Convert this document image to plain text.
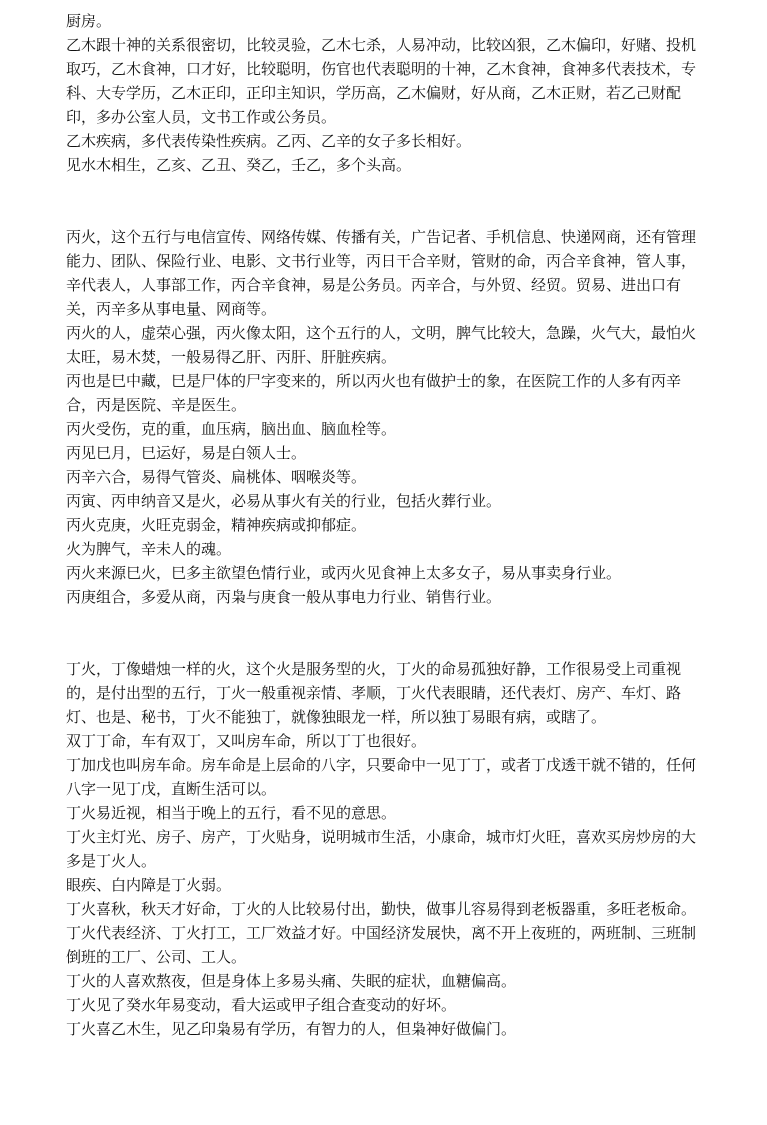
厨房。

乙木跟十神的关系很密切，比较灵验，乙木七杀，人易冲动，比较凶狠，乙木偏印，好赌、投机取巧，乙木食神，口才好，比较聪明，伤官也代表聪明的十神，乙木食神，食神多代表技术，专科、大专学历，乙木正印，正印主知识，学历高，乙木偏财，好从商，乙木正财，若乙己财配印，多办公室人员，文书工作或公务员。

乙木疾病，多代表传染性疾病。乙丙、乙辛的女子多长相好。

见水木相生，乙亥、乙丑、癸乙，壬乙，多个头高。

丙火，这个五行与电信宣传、网络传媒、传播有关，广告记者、手机信息、快递网商，还有管理能力、团队、保险行业、电影、文书行业等，丙日干合辛财，管财的命，丙合辛食神，管人事，辛代表人，人事部工作，丙合辛食神，易是公务员。丙辛合，与外贸、经贸。贸易、进出口有关，丙辛多从事电量、网商等。

丙火的人，虚荣心强，丙火像太阳，这个五行的人，文明，脾气比较大，急躁，火气大，最怕火太旺，易木焚，一般易得乙肝、丙肝、肝脏疾病。

丙也是巳中藏，巳是尸体的尸字变来的，所以丙火也有做护士的象，在医院工作的人多有丙辛合，丙是医院、辛是医生。

丙火受伤，克的重，血压病，脑出血、脑血栓等。

丙见巳月，巳运好，易是白领人士。

丙辛六合，易得气管炎、扁桃体、咽喉炎等。

丙寅、丙申纳音又是火，必易从事火有关的行业，包括火葬行业。

丙火克庚，火旺克弱金，精神疾病或抑郁症。

火为脾气，辛未人的魂。

丙火来源巳火，巳多主欲望色情行业，或丙火见食神上太多女子，易从事卖身行业。

丙庚组合，多爱从商，丙枭与庚食一般从事电力行业、销售行业。

丁火，丁像蜡烛一样的火，这个火是服务型的火，丁火的命易孤独好静，工作很易受上司重视的，是付出型的五行，丁火一般重视亲情、孝顺，丁火代表眼睛，还代表灯、房产、车灯、路灯、也是、秘书，丁火不能独丁，就像独眼龙一样，所以独丁易眼有病，或瞎了。

双丁丁命，车有双丁，又叫房车命，所以丁丁也很好。

丁加戊也叫房车命。房车命是上层命的八字，只要命中一见丁丁，或者丁戊透干就不错的，任何八字一见丁戊，直断生活可以。

丁火易近视，相当于晚上的五行，看不见的意思。

丁火主灯光、房子、房产，丁火贴身，说明城市生活，小康命，城市灯火旺，喜欢买房炒房的大多是丁火人。

眼疾、白内障是丁火弱。

丁火喜秋，秋天才好命，丁火的人比较易付出，勤快，做事儿容易得到老板器重，多旺老板命。

丁火代表经济、丁火打工，工厂效益才好。中国经济发展快，离不开上夜班的，两班制、三班制倒班的工厂、公司、工人。

丁火的人喜欢熬夜，但是身体上多易头痛、失眠的症状，血糖偏高。

丁火见了癸水年易变动，看大运或甲子组合查变动的好坏。

丁火喜乙木生，见乙印枭易有学历，有智力的人，但枭神好做偏门。
